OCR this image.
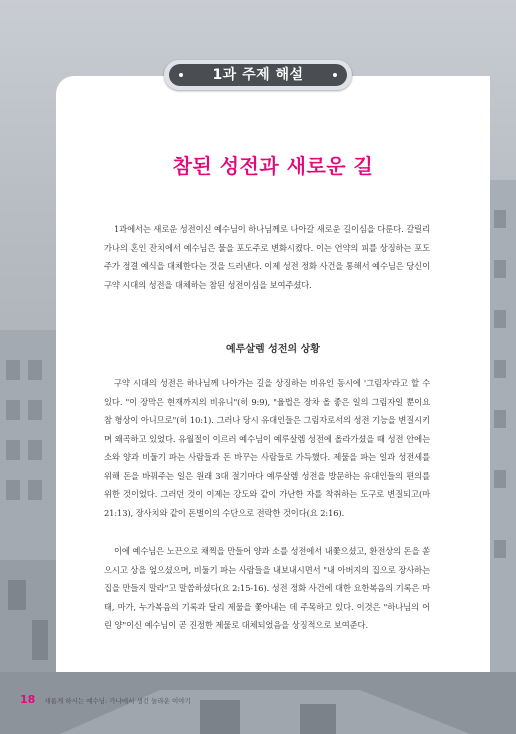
1과 주제 해설
참된 성전과 새로운 길

1과에서는 새로운 성전이신 예수님이 하나님께로 나아갈 새로운 길이심을 다룬다. 갈릴리 가나의 혼인 잔치에서 예수님은 물을 포도주로 변화시켰다. 이는 언약의 피를 상징하는 포도주가 정결 예식을 대체한다는 것을 드러낸다. 이제 성전 정화 사건을 통해서 예수님은 당신이 구약 시대의 성전을 대체하는 참된 성전이심을 보여주셨다.

예루살렘 성전의 상황

구약 시대의 성전은 하나님께 나아가는 길을 상징하는 비유인 동시에 '그림자'라고 할 수 있다. "이 장막은 현재까지의 비유니"(히 9:9), "율법은 장차 올 좋은 일의 그림자일 뿐이요 참 형상이 아니므로"(히 10:1). 그러나 당시 유대인들은 그림자로서의 성전 기능을 변질시키며 왜곡하고 있었다. 유월절이 이르러 예수님이 예루살렘 성전에 올라가셨을 때 성전 안에는 소와 양과 비둘기 파는 사람들과 돈 바꾸는 사람들로 가득했다. 제물을 파는 일과 성전세를 위해 돈을 바꿔주는 일은 원래 3대 절기마다 예루살렘 성전을 방문하는 유대인들의 편의를 위한 것이었다. 그러던 것이 이제는 강도와 같이 가난한 자를 착취하는 도구로 변질되고(마 21:13), 장사치와 같이 돈벌이의 수단으로 전락한 것이다(요 2:16).

이에 예수님은 노끈으로 채찍을 만들어 양과 소를 성전에서 내쫓으셨고, 환전상의 돈을 쏟으시고 상을 엎으셨으며, 비둘기 파는 사람들을 내보내시면서 "내 아버지의 집으로 장사하는 집을 만들지 말라"고 말씀하셨다(요 2:15-16). 성전 정화 사건에 대한 요한복음의 기록은 마태, 마가, 누가복음의 기록과 달리 제물을 쫓아내는 데 주목하고 있다. 이것은 "하나님의 어린 양"이신 예수님이 곧 진정한 제물로 대체되었음을 상징적으로 보여준다.

18 새롭게 하시는 예수님: 가나에서 생긴 놀라운 이야기
